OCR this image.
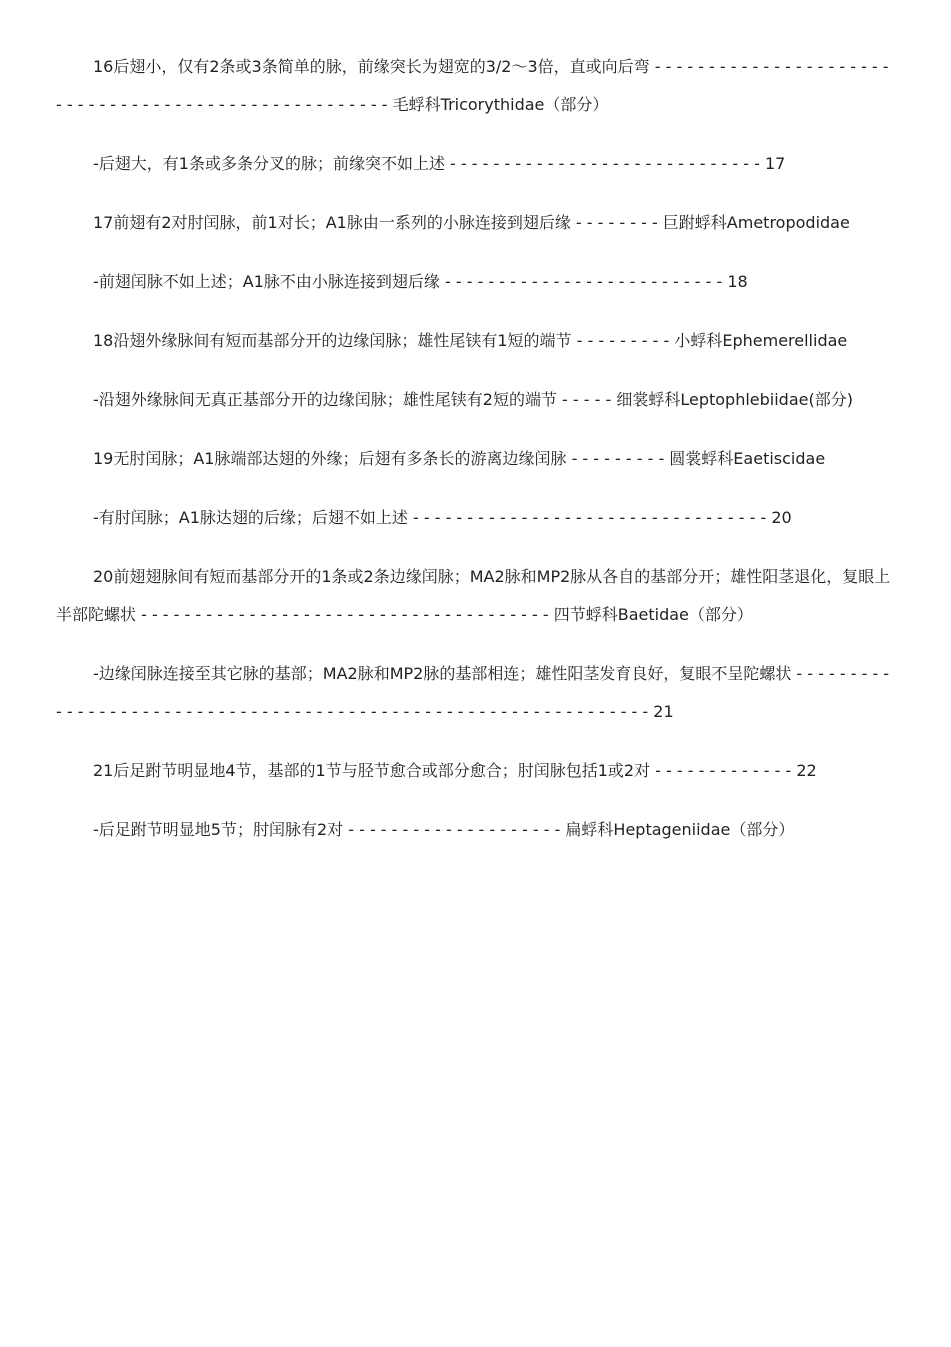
16后翅小，仅有2条或3条简单的脉，前缘突长为翅宽的3/2～3倍，直或向后弯 - - - - - - - - - - - - - - - - - - - - - - - - - - - - - - - - - - - - - - - - - - - - - - - - - - - - - 毛蜉科Tricorythidae（部分）

-后翅大，有1条或多条分叉的脉；前缘突不如上述 - - - - - - - - - - - - - - - - - - - - - - - - - - - - - 17

17前翅有2对肘闰脉，前1对长；A1脉由一系列的小脉连接到翅后缘 - - - - - - - - 巨跗蜉科Ametropodidae

-前翅闰脉不如上述；A1脉不由小脉连接到翅后缘 - - - - - - - - - - - - - - - - - - - - - - - - - - 18

18沿翅外缘脉间有短而基部分开的边缘闰脉；雄性尾铗有1短的端节 - - - - - - - - - 小蜉科Ephemerellidae

-沿翅外缘脉间无真正基部分开的边缘闰脉；雄性尾铗有2短的端节 - - - - - 细裳蜉科Leptophlebiidae(部分)

19无肘闰脉；A1脉端部达翅的外缘；后翅有多条长的游离边缘闰脉 - - - - - - - - - 圆裳蜉科Eaetiscidae

-有肘闰脉；A1脉达翅的后缘；后翅不如上述 - - - - - - - - - - - - - - - - - - - - - - - - - - - - - - - - - 20

20前翅翅脉间有短而基部分开的1条或2条边缘闰脉；MA2脉和MP2脉从各自的基部分开；雄性阳茎退化，复眼上半部陀螺状 - - - - - - - - - - - - - - - - - - - - - - - - - - - - - - - - - - - - - - 四节蜉科Baetidae（部分）

-边缘闰脉连接至其它脉的基部；MA2脉和MP2脉的基部相连；雄性阳茎发育良好，复眼不呈陀螺状 - - - - - - - - - - - - - - - - - - - - - - - - - - - - - - - - - - - - - - - - - - - - - - - - - - - - - - - - - - - - - - - - 21

21后足跗节明显地4节，基部的1节与胫节愈合或部分愈合；肘闰脉包括1或2对 - - - - - - - - - - - - - 22

-后足跗节明显地5节；肘闰脉有2对 - - - - - - - - - - - - - - - - - - - - 扁蜉科Heptageniidae（部分）
